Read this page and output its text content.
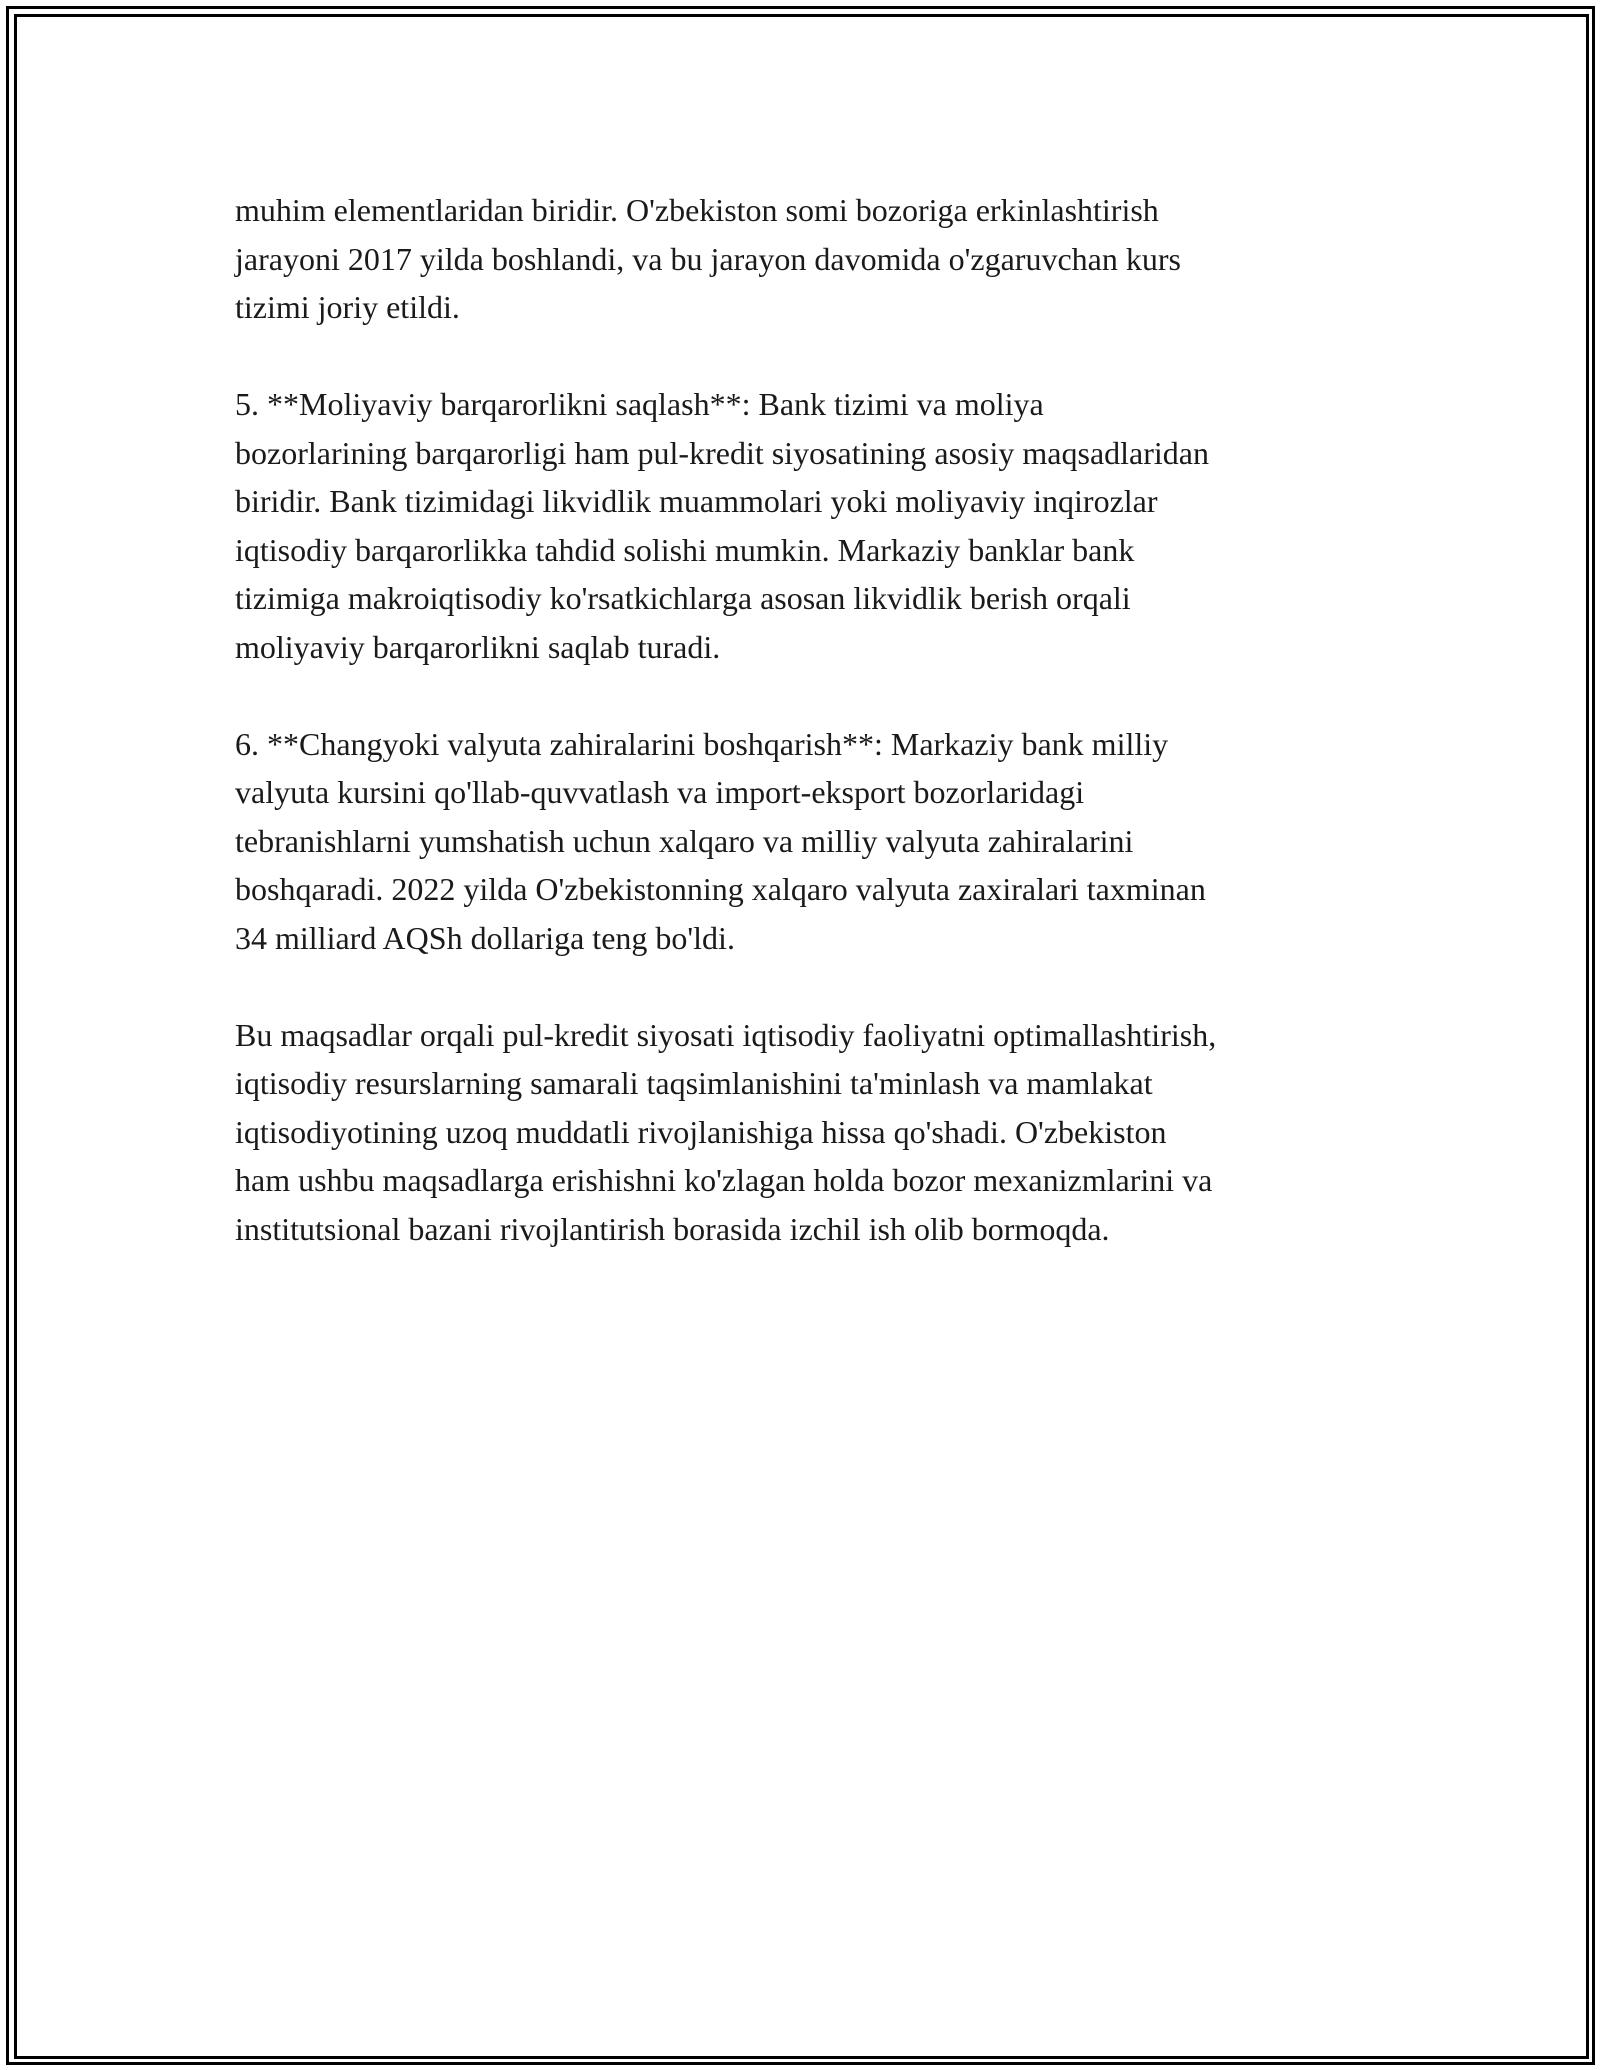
muhim elementlaridan biridir. O'zbekiston somi bozoriga erkinlashtirish
jarayoni 2017 yilda boshlandi, va bu jarayon davomida o'zgaruvchan kurs
tizimi joriy etildi.

5. **Moliyaviy barqarorlikni saqlash**: Bank tizimi va moliya
bozorlarining barqarorligi ham pul-kredit siyosatining asosiy maqsadlaridan
biridir. Bank tizimidagi likvidlik muammolari yoki moliyaviy inqirozlar
iqtisodiy barqarorlikka tahdid solishi mumkin. Markaziy banklar bank
tizimiga makroiqtisodiy ko'rsatkichlarga asosan likvidlik berish orqali
moliyaviy barqarorlikni saqlab turadi.

6. **Changyoki valyuta zahiralarini boshqarish**: Markaziy bank milliy
valyuta kursini qo'llab-quvvatlash va import-eksport bozorlaridagi
tebranishlarni yumshatish uchun xalqaro va milliy valyuta zahiralarini
boshqaradi. 2022 yilda O'zbekistonning xalqaro valyuta zaxiralari taxminan
34 milliard AQSh dollariga teng bo'ldi.

Bu maqsadlar orqali pul-kredit siyosati iqtisodiy faoliyatni optimallashtirish,
iqtisodiy resurslarning samarali taqsimlanishini ta'minlash va mamlakat
iqtisodiyotining uzoq muddatli rivojlanishiga hissa qo'shadi. O'zbekiston
ham ushbu maqsadlarga erishishni ko'zlagan holda bozor mexanizmlarini va
institutsional bazani rivojlantirish borasida izchil ish olib bormoqda.
